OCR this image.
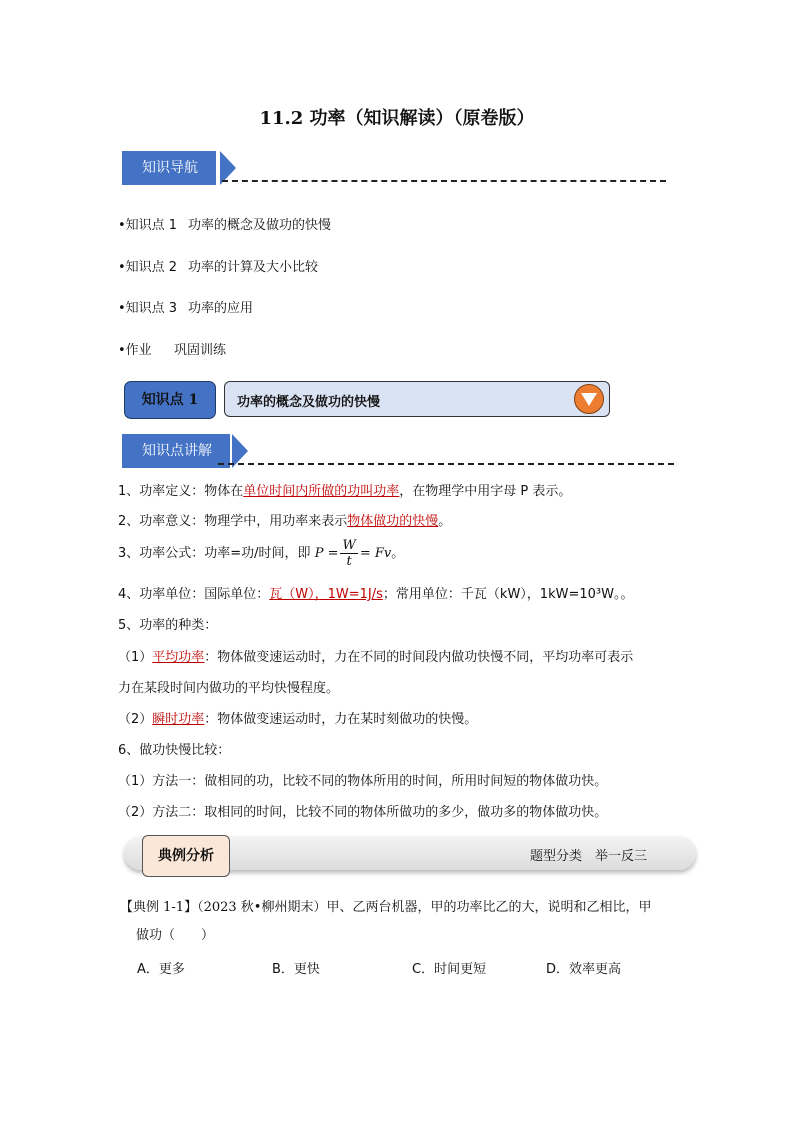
11.2 功率（知识解读）（原卷版）
知识导航
•知识点 1 功率的概念及做功的快慢
•知识点 2 功率的计算及大小比较
•知识点 3 功率的应用
•作业 巩固训练
知识点 1	功率的概念及做功的快慢
知识点讲解
1、功率定义：物体在单位时间内所做的功叫功率，在物理学中用字母 P 表示。
2、功率意义：物理学中，用功率来表示物体做功的快慢。
3、功率公式：功率=功/时间，即 $P = \frac{W}{t} = Fv$。
4、功率单位：国际单位：瓦（W），1W=1J/s；常用单位：千瓦（kW），1kW=10³W。。
5、功率的种类：
（1）平均功率：物体做变速运动时，力在不同的时间段内做功快慢不同，平均功率可表示
力在某段时间内做功的平均快慢程度。
（2）瞬时功率：物体做变速运动时，力在某时刻做功的快慢。
6、做功快慢比较：
（1）方法一：做相同的功，比较不同的物体所用的时间，所用时间短的物体做功快。
（2）方法二：取相同的时间，比较不同的物体所做功的多少，做功多的物体做功快。
典例分析	题型分类　举一反三
【典例 1-1】（2023 秋•柳州期末）甲、乙两台机器，甲的功率比乙的大，说明和乙相比，甲
做功（　　）
A．更多	B．更快	C．时间更短	D．效率更高
